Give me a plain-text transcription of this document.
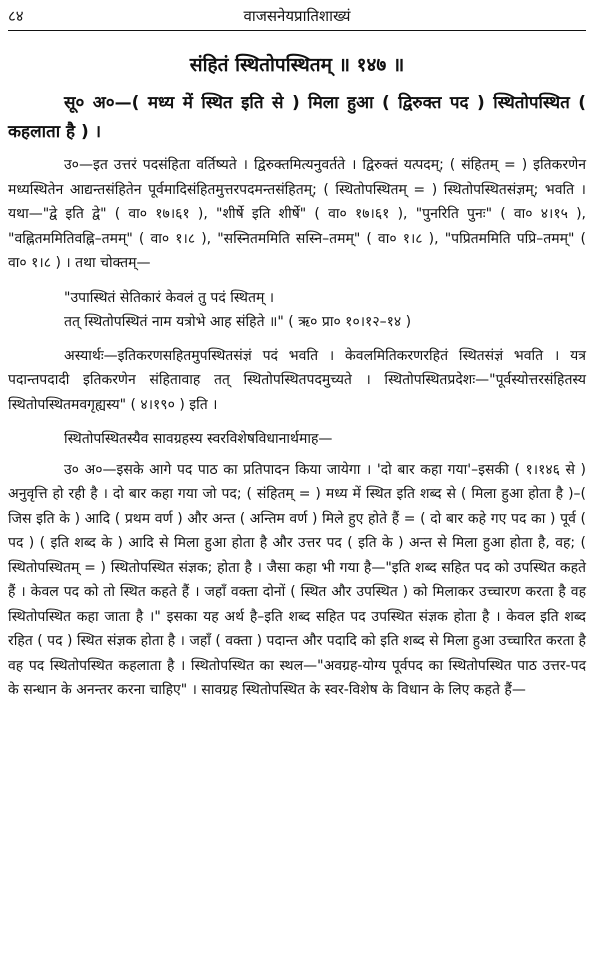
८४	वाजसनेयप्रातिशाख्यं
संहितं स्थितोपस्थितम् ॥ १४७ ॥

सू० अ०—( मध्य में स्थित इति से ) मिला हुआ ( द्विरुक्त पद ) स्थितोपस्थित ( कहलाता है ) ।

उ०—इत उत्तरं पदसंहिता वर्तिष्यते । द्विरुक्तमित्यनुवर्तते । द्विरुक्तं यत्पदम्; ( संहितम् = ) इतिकरणेन मध्यस्थितेन आद्यन्तसंहितेन पूर्वमादिसंहितमुत्तरपदमन्तसंहितम्; ( स्थितोपस्थितम् = ) स्थितोपस्थितसंज्ञम्; भवति । यथा—"द्वे इति द्वे" ( वा० १७।६१ ), "शीर्षे इति शीर्षे" ( वा० १७।६१ ), "पुनरिति पुनः" ( वा० ४।१५ ), "वह्नितममितिवह्नि–तमम्" ( वा० १।८ ), "सस्नितममिति सस्नि–तमम्" ( वा० १।८ ), "पप्रितममिति पप्रि–तमम्" ( वा० १।८ ) । तथा चोक्तम्—

"उपास्थितं सेतिकारं केवलं तु पदं स्थितम् ।

तत् स्थितोपस्थितं नाम यत्रोभे आह संहिते ॥" ( ऋ० प्रा० १०।१२–१४ )

अस्यार्थः—इतिकरणसहितमुपस्थितसंज्ञं पदं भवति । केवलमितिकरणरहितं स्थितसंज्ञं भवति । यत्र पदान्तपदादी इतिकरणेन संहितावाह तत् स्थितोपस्थितपदमुच्यते । स्थितोपस्थितप्रदेशः—"पूर्वस्योत्तरसंहितस्य स्थितोपस्थितमवगृह्यस्य" ( ४।१९० ) इति ।

स्थितोपस्थितस्यैव सावग्रहस्य स्वरविशेषविधानार्थमाह—

उ० अ०—इसके आगे पद पाठ का प्रतिपादन किया जायेगा । 'दो बार कहा गया'–इसकी ( १।१४६ से ) अनुवृत्ति हो रही है । दो बार कहा गया जो पद; ( संहितम् = ) मध्य में स्थित इति शब्द से ( मिला हुआ होता है )–( जिस इति के ) आदि ( प्रथम वर्ण ) और अन्त ( अन्तिम वर्ण ) मिले हुए होते हैं = ( दो बार कहे गए पद का ) पूर्व ( पद ) ( इति शब्द के ) आदि से मिला हुआ होता है और उत्तर पद ( इति के ) अन्त से मिला हुआ होता है, वह; ( स्थितोपस्थितम् = ) स्थितोपस्थित संज्ञक; होता है । जैसा कहा भी गया है—"इति शब्द सहित पद को उपस्थित कहते हैं । केवल पद को तो स्थित कहते हैं । जहाँ वक्ता दोनों ( स्थित और उपस्थित ) को मिलाकर उच्चारण करता है वह स्थितोपस्थित कहा जाता है ।" इसका यह अर्थ है–इति शब्द सहित पद उपस्थित संज्ञक होता है । केवल इति शब्द रहित ( पद ) स्थित संज्ञक होता है । जहाँ ( वक्ता ) पदान्त और पदादि को इति शब्द से मिला हुआ उच्चारित करता है वह पद स्थितोपस्थित कहलाता है । स्थितोपस्थित का स्थल—"अवग्रह-योग्य पूर्वपद का स्थितोपस्थित पाठ उत्तर-पद के सन्धान के अनन्तर करना चाहिए" । सावग्रह स्थितोपस्थित के स्वर-विशेष के विधान के लिए कहते हैं—
